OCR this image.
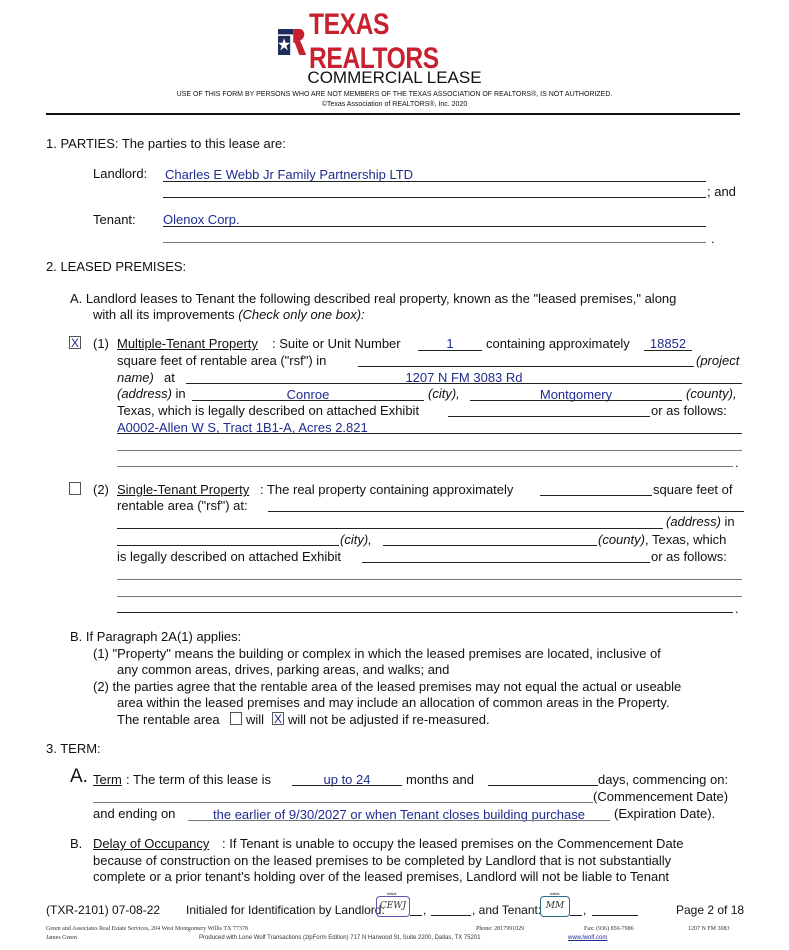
TEXAS REALTORS
COMMERCIAL LEASE
USE OF THIS FORM BY PERSONS WHO ARE NOT MEMBERS OF THE TEXAS ASSOCIATION OF REALTORS®, IS NOT AUTHORIZED.
©Texas Association of REALTORS®, Inc. 2020
1. PARTIES: The parties to this lease are:
Landlord: Charles E Webb Jr Family Partnership LTD
; and
Tenant: Olenox Corp.
.
2. LEASED PREMISES:
A. Landlord leases to Tenant the following described real property, known as the "leased premises," along
with all its improvements (Check only one box):
X (1) Multiple-Tenant Property : Suite or Unit Number	1	containing approximately	18852
square feet of rentable area ("rsf") in	(project
name) at	1207 N FM 3083 Rd
(address) in	Conroe	(city),	Montgomery	(county),
Texas, which is legally described on attached Exhibit	or as follows:
A0002-Allen W S, Tract 1B1-A, Acres 2.821
.
(2) Single-Tenant Property : The real property containing approximately	square feet of
rentable area ("rsf") at:
(address) in
(city),	(county), Texas, which
is legally described on attached Exhibit	or as follows:
.
B. If Paragraph 2A(1) applies:
(1) "Property" means the building or complex in which the leased premises are located, inclusive of
any common areas, drives, parking areas, and walks; and
(2) the parties agree that the rentable area of the leased premises may not equal the actual or useable
area within the leased premises and may include an allocation of common areas in the Property.
The rentable area will X will not be adjusted if re-measured.
3. TERM:
A. Term : The term of this lease is	up to 24	months and	days, commencing on:
(Commencement Date)
and ending on	the earlier of 9/30/2027 or when Tenant closes building purchase	(Expiration Date).
B. Delay of Occupancy : If Tenant is unable to occupy the leased premises on the Commencement Date
because of construction on the leased premises to be completed by Landlord that is not substantially
complete or a prior tenant's holding over of the leased premises, Landlord will not be liable to Tenant
(TXR-2101) 07-08-22 Initialed for Identification by Landlord:
Initial
CEWJ ,	, and Tenant:
Initial
MM	,	Page 2 of 18
Green and Associates Real Estate Services, 204 West Montgomery Willis TX 77378	Phone: 2817991029	Fax: (936) 856-7986	1207 N FM 3083
James Green	Produced with Lone Wolf Transactions (zipForm Edition) 717 N Harwood St, Suite 2200, Dallas, TX 75201	www.lwolf.com
